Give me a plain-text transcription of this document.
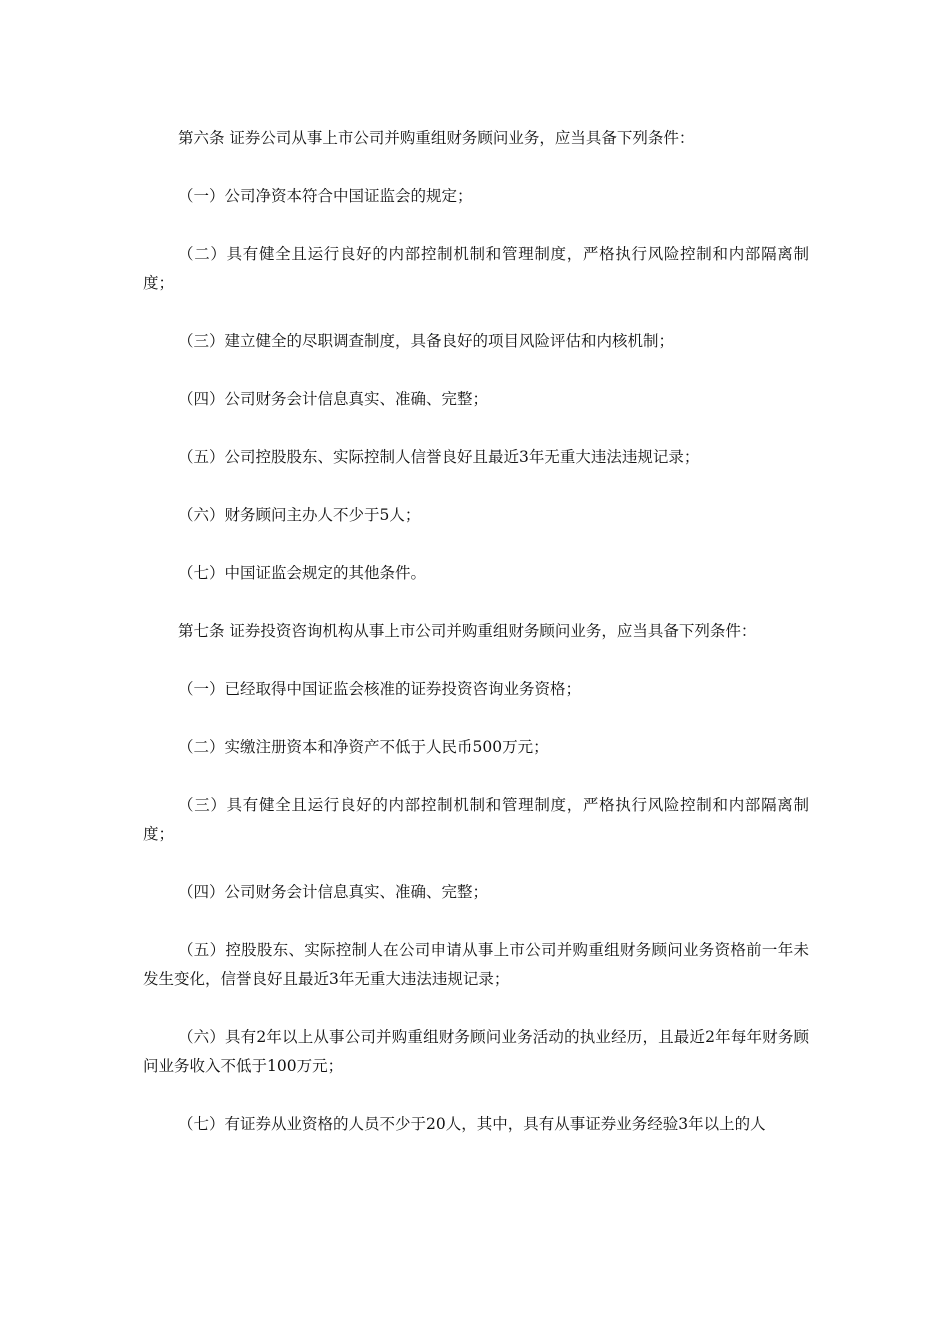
第六条 证券公司从事上市公司并购重组财务顾问业务，应当具备下列条件：

（一）公司净资本符合中国证监会的规定；

（二）具有健全且运行良好的内部控制机制和管理制度，严格执行风险控制和内部隔离制度；

（三）建立健全的尽职调查制度，具备良好的项目风险评估和内核机制；

（四）公司财务会计信息真实、准确、完整；

（五）公司控股股东、实际控制人信誉良好且最近3年无重大违法违规记录；

（六）财务顾问主办人不少于5人；

（七）中国证监会规定的其他条件。

第七条 证券投资咨询机构从事上市公司并购重组财务顾问业务，应当具备下列条件：

（一）已经取得中国证监会核准的证券投资咨询业务资格；

（二）实缴注册资本和净资产不低于人民币500万元；

（三）具有健全且运行良好的内部控制机制和管理制度，严格执行风险控制和内部隔离制度；

（四）公司财务会计信息真实、准确、完整；

（五）控股股东、实际控制人在公司申请从事上市公司并购重组财务顾问业务资格前一年未发生变化，信誉良好且最近3年无重大违法违规记录；

（六）具有2年以上从事公司并购重组财务顾问业务活动的执业经历，且最近2年每年财务顾问业务收入不低于100万元；

（七）有证券从业资格的人员不少于20人，其中，具有从事证券业务经验3年以上的人
